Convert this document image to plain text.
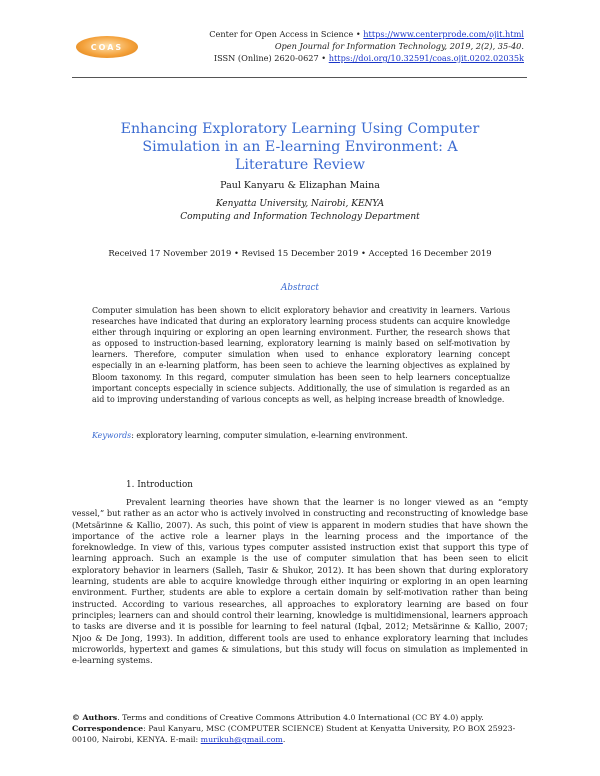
COAS
Center for Open Access in Science • https://www.centerprode.com/ojit.html
Open Journal for Information Technology, 2019, 2(2), 35-40.
ISSN (Online) 2620-0627 • https://doi.org/10.32591/coas.ojit.0202.02035k
Enhancing Exploratory Learning Using Computer Simulation in an E-learning Environment: A Literature Review
Paul Kanyaru & Elizaphan Maina
Kenyatta University, Nairobi, KENYA
Computing and Information Technology Department
Received 17 November 2019 • Revised 15 December 2019 • Accepted 16 December 2019
Abstract

Computer simulation has been shown to elicit exploratory behavior and creativity in learners. Various researches have indicated that during an exploratory learning process students can acquire knowledge either through inquiring or exploring an open learning environment. Further, the research shows that as opposed to instruction-based learning, exploratory learning is mainly based on self-motivation by learners. Therefore, computer simulation when used to enhance exploratory learning concept especially in an e-learning platform, has been seen to achieve the learning objectives as explained by Bloom taxonomy. In this regard, computer simulation has been seen to help learners conceptualize important concepts especially in science subjects. Additionally, the use of simulation is regarded as an aid to improving understanding of various concepts as well, as helping increase breadth of knowledge.

Keywords: exploratory learning, computer simulation, e-learning environment.
1. Introduction

Prevalent learning theories have shown that the learner is no longer viewed as an “empty vessel,” but rather as an actor who is actively involved in constructing and reconstructing of knowledge base (Metsärinne & Kallio, 2007). As such, this point of view is apparent in modern studies that have shown the importance of the active role a learner plays in the learning process and the importance of the foreknowledge. In view of this, various types computer assisted instruction exist that support this type of learning approach. Such an example is the use of computer simulation that has been seen to elicit exploratory behavior in learners (Salleh, Tasir & Shukor, 2012). It has been shown that during exploratory learning, students are able to acquire knowledge through either inquiring or exploring in an open learning environment. Further, students are able to explore a certain domain by self-motivation rather than being instructed. According to various researches, all approaches to exploratory learning are based on four principles; learners can and should control their learning, knowledge is multidimensional, learners approach to tasks are diverse and it is possible for learning to feel natural (Iqbal, 2012; Metsärinne & Kallio, 2007; Njoo & De Jong, 1993). In addition, different tools are used to enhance exploratory learning that includes microworlds, hypertext and games & simulations, but this study will focus on simulation as implemented in e-learning systems.

© Authors. Terms and conditions of Creative Commons Attribution 4.0 International (CC BY 4.0) apply.
Correspondence: Paul Kanyaru, MSC (COMPUTER SCIENCE) Student at Kenyatta University, P.O BOX 25923-00100, Nairobi, KENYA. E-mail: murikuh@gmail.com.
